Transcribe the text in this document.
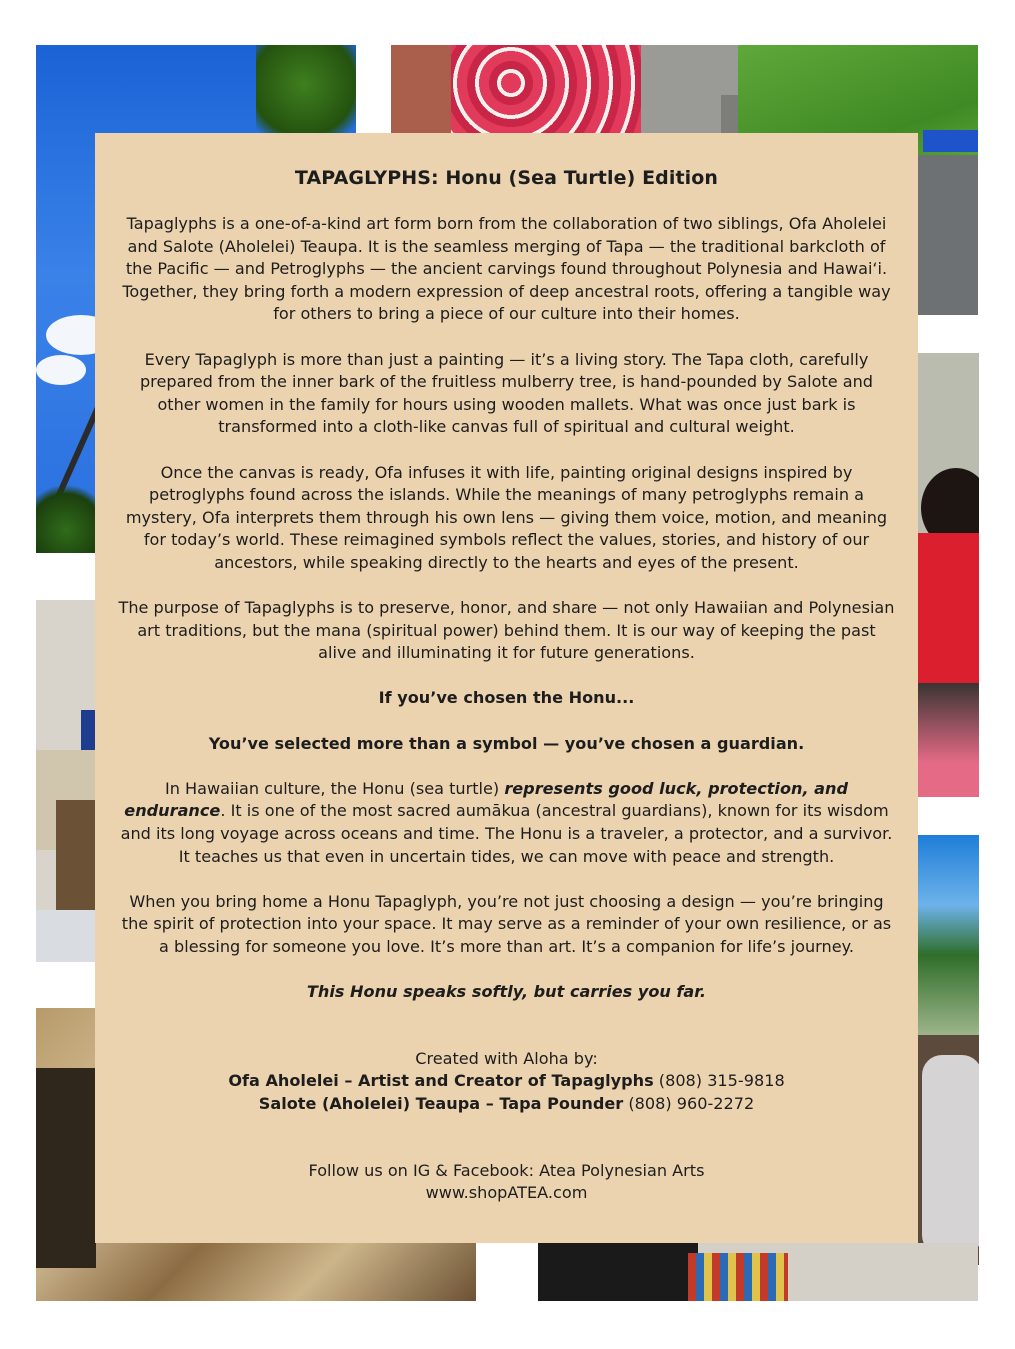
TAPAGLYPHS: Honu (Sea Turtle) Edition

Tapaglyphs is a one-of-a-kind art form born from the collaboration of two siblings, Ofa Aholelei and Salote (Aholelei) Teaupa. It is the seamless merging of Tapa — the traditional barkcloth of the Pacific — and Petroglyphs — the ancient carvings found throughout Polynesia and Hawai‘i. Together, they bring forth a modern expression of deep ancestral roots, offering a tangible way for others to bring a piece of our culture into their homes.

Every Tapaglyph is more than just a painting — it’s a living story. The Tapa cloth, carefully prepared from the inner bark of the fruitless mulberry tree, is hand-pounded by Salote and other women in the family for hours using wooden mallets. What was once just bark is transformed into a cloth-like canvas full of spiritual and cultural weight.

Once the canvas is ready, Ofa infuses it with life, painting original designs inspired by petroglyphs found across the islands. While the meanings of many petroglyphs remain a mystery, Ofa interprets them through his own lens — giving them voice, motion, and meaning for today’s world. These reimagined symbols reflect the values, stories, and history of our ancestors, while speaking directly to the hearts and eyes of the present.

The purpose of Tapaglyphs is to preserve, honor, and share — not only Hawaiian and Polynesian art traditions, but the mana (spiritual power) behind them. It is our way of keeping the past alive and illuminating it for future generations.

If you’ve chosen the Honu...

You’ve selected more than a symbol — you’ve chosen a guardian.

In Hawaiian culture, the Honu (sea turtle) represents good luck, protection, and endurance. It is one of the most sacred aumākua (ancestral guardians), known for its wisdom and its long voyage across oceans and time. The Honu is a traveler, a protector, and a survivor. It teaches us that even in uncertain tides, we can move with peace and strength.

When you bring home a Honu Tapaglyph, you’re not just choosing a design — you’re bringing the spirit of protection into your space. It may serve as a reminder of your own resilience, or as a blessing for someone you love. It’s more than art. It’s a companion for life’s journey.

This Honu speaks softly, but carries you far.

Created with Aloha by:
Ofa Aholelei – Artist and Creator of Tapaglyphs (808) 315-9818
Salote (Aholelei) Teaupa – Tapa Pounder (808) 960-2272
Follow us on IG & Facebook: Atea Polynesian Arts
www.shopATEA.com
